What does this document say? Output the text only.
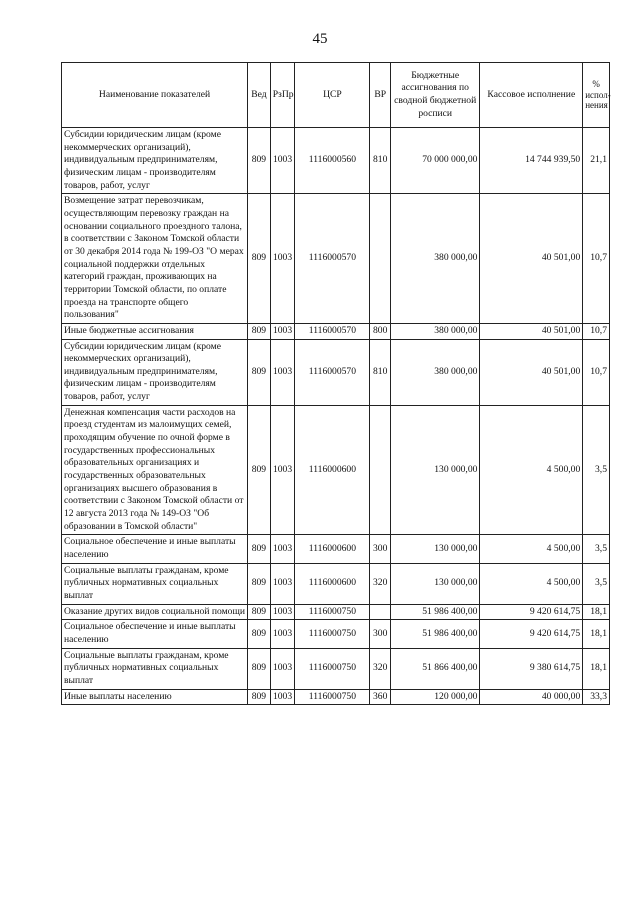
45
Наименование показателей	Вед	РзПр	ЦСР	ВР	Бюджетные ассигнования по сводной бюджетной росписи	Кассовое исполнение	% испол-нения
Субсидии юридическим лицам (кроме некоммерческих организаций), индивидуальным предпринимателям, физическим лицам - производителям товаров, работ, услуг	809	1003	1116000560	810	70 000 000,00	14 744 939,50	21,1
Возмещение затрат перевозчикам, осуществляющим перевозку граждан на основании социального проездного талона, в соответствии с Законом Томской области от 30 декабря 2014 года № 199-ОЗ "О мерах социальной поддержки отдельных категорий граждан, проживающих на территории Томской области, по оплате проезда на транспорте общего пользования"	809	1003	1116000570		380 000,00	40 501,00	10,7
Иные бюджетные ассигнования	809	1003	1116000570	800	380 000,00	40 501,00	10,7
Субсидии юридическим лицам (кроме некоммерческих организаций), индивидуальным предпринимателям, физическим лицам - производителям товаров, работ, услуг	809	1003	1116000570	810	380 000,00	40 501,00	10,7
Денежная компенсация части расходов на проезд студентам из малоимущих семей, проходящим обучение по очной форме в государственных профессиональных образовательных организациях и государственных образовательных организациях высшего образования в соответствии с Законом Томской области от 12 августа 2013 года № 149-ОЗ "Об образовании в Томской области"	809	1003	1116000600		130 000,00	4 500,00	3,5
Социальное обеспечение и иные выплаты населению	809	1003	1116000600	300	130 000,00	4 500,00	3,5
Социальные выплаты гражданам, кроме публичных нормативных социальных выплат	809	1003	1116000600	320	130 000,00	4 500,00	3,5
Оказание других видов социальной помощи	809	1003	1116000750		51 986 400,00	9 420 614,75	18,1
Социальное обеспечение и иные выплаты населению	809	1003	1116000750	300	51 986 400,00	9 420 614,75	18,1
Социальные выплаты гражданам, кроме публичных нормативных социальных выплат	809	1003	1116000750	320	51 866 400,00	9 380 614,75	18,1
Иные выплаты населению	809	1003	1116000750	360	120 000,00	40 000,00	33,3
